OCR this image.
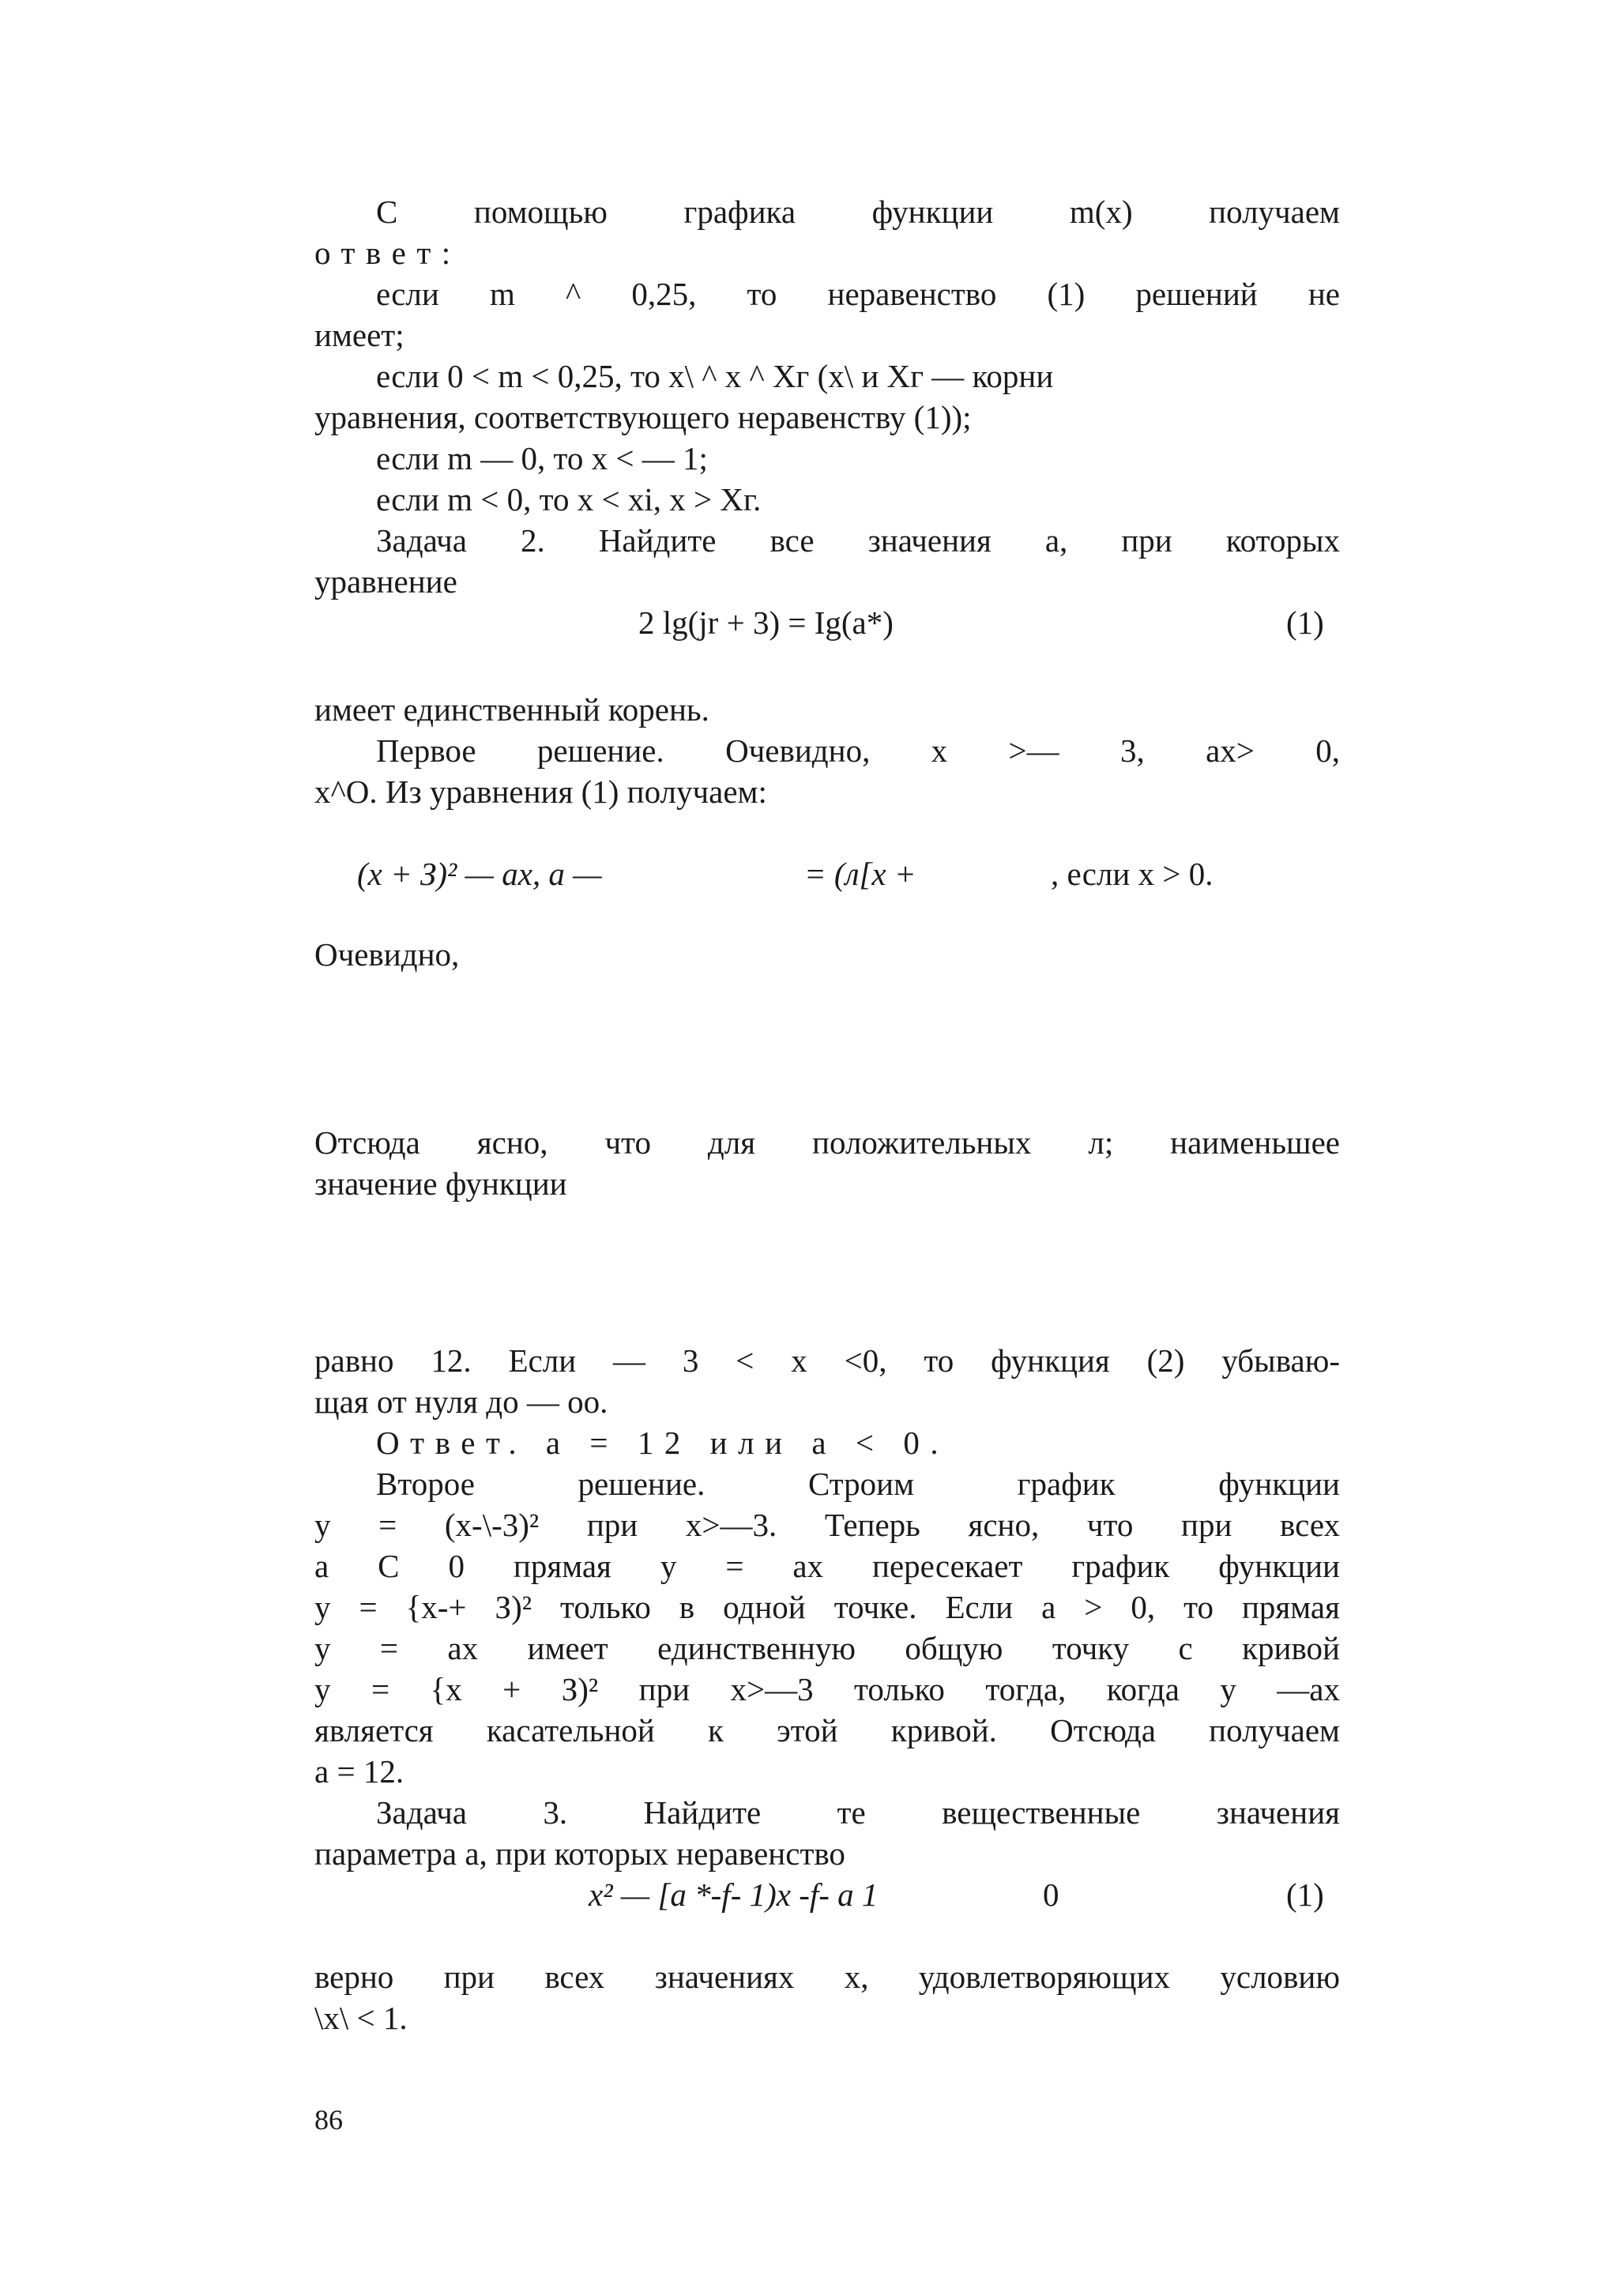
С помощью графика функции m(x) получаем
ответ:
если m ^ 0,25, то неравенство (1) решений не
имеет;
если 0 < m < 0,25, то x\ ^ x ^ Xг (x\ и Xг — корни
уравнения, соответствующего неравенству (1));
если m — 0, то x < — 1;
если m < 0, то x < xi, x > Xг.
Задача 2. Найдите все значения а, при которых
уравнение
2 lg(jr + 3) = Ig(a*)	(1)
имеет единственный корень.
Первое решение. Очевидно, x >— 3, ax> 0,
x^O. Из уравнения (1) получаем:
(x + З)² — ax, a —	= (л[x +	, если x > 0.
Очевидно,
Отсюда ясно, что для положительных л; наименьшее
значение функции
равно 12. Если — 3 < x <0, то функция (2) убываю-
щая от нуля до — оо.
Ответ. а = 12 или a < 0.
Второе решение. Строим график функции
y = (x-\-3)² при x>—3. Теперь ясно, что при всех
а С 0 прямая y = ax пересекает график функции
y = {x-+ З)² только в одной точке. Если a > 0, то прямая
y = ax имеет единственную общую точку с кривой
y = {x + З)² при x>—3 только тогда, когда y —ax
является касательной к этой кривой. Отсюда получаем
a = 12.
Задача 3. Найдите те вещественные значения
параметра а, при которых неравенство
x² — [a *-f- 1)x -f- a 1	0	(1)
верно при всех значениях x, удовлетворяющих условию
\x\ < 1.
86
